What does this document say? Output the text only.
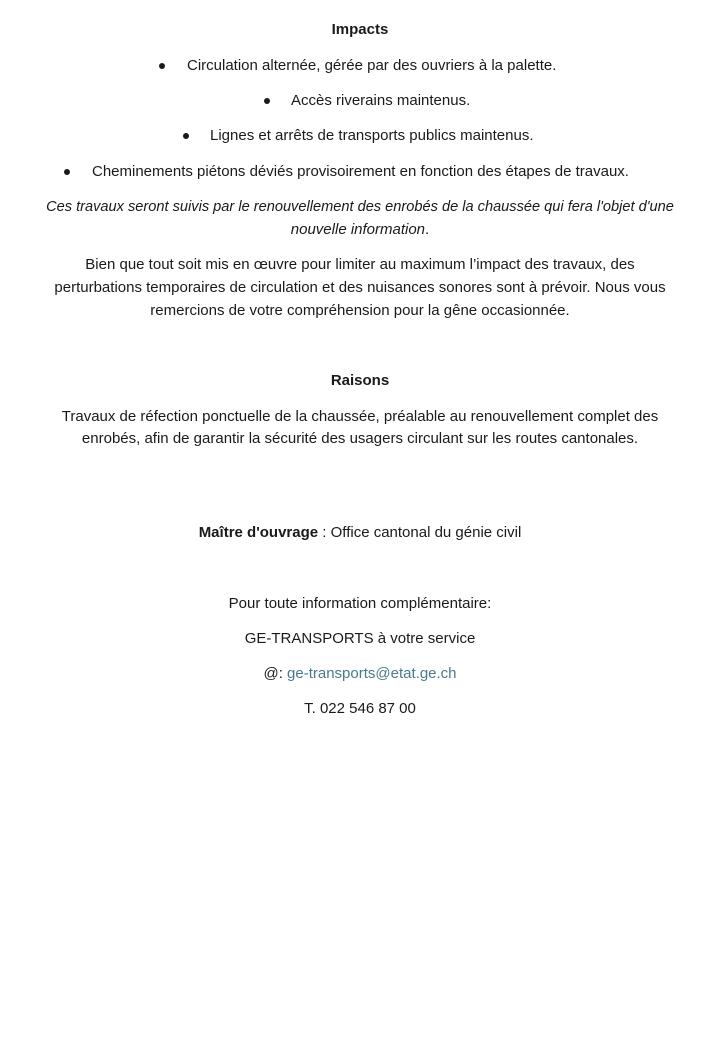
Impacts
Circulation alternée, gérée par des ouvriers à la palette.
Accès riverains maintenus.
Lignes et arrêts de transports publics maintenus.
Cheminements piétons déviés provisoirement en fonction des étapes de travaux.
Ces travaux seront suivis par le renouvellement des enrobés de la chaussée qui fera l'objet d'une
nouvelle information.
Bien que tout soit mis en œuvre pour limiter au maximum l’impact des travaux, des
perturbations temporaires de circulation et des nuisances sonores sont à prévoir. Nous vous
remercions de votre compréhension pour la gêne occasionnée.
Raisons
Travaux de réfection ponctuelle de la chaussée, préalable au renouvellement complet des
enrobés, afin de garantir la sécurité des usagers circulant sur les routes cantonales.
Maître d'ouvrage : Office cantonal du génie civil
Pour toute information complémentaire:
GE-TRANSPORTS à votre service
@: ge-transports@etat.ge.ch
T. 022 546 87 00
